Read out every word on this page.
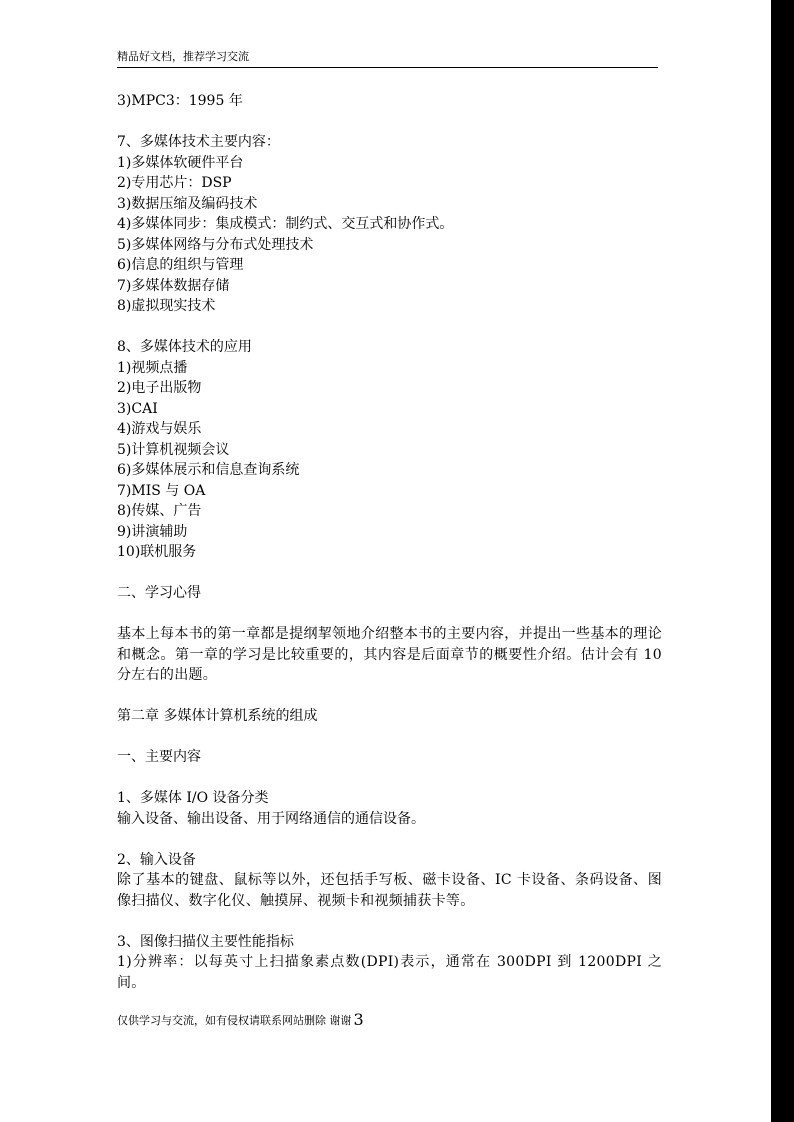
精品好文档，推荐学习交流
3)MPC3：1995 年
7、多媒体技术主要内容：
1)多媒体软硬件平台
2)专用芯片：DSP
3)数据压缩及编码技术
4)多媒体同步：集成模式：制约式、交互式和协作式。
5)多媒体网络与分布式处理技术
6)信息的组织与管理
7)多媒体数据存储
8)虚拟现实技术
8、多媒体技术的应用
1)视频点播
2)电子出版物
3)CAI
4)游戏与娱乐
5)计算机视频会议
6)多媒体展示和信息查询系统
7)MIS 与 OA
8)传媒、广告
9)讲演辅助
10)联机服务
二、学习心得
基本上每本书的第一章都是提纲挈领地介绍整本书的主要内容，并提出一些基本的理论和概念。第一章的学习是比较重要的，其内容是后面章节的概要性介绍。估计会有 10 分左右的出题。
第二章 多媒体计算机系统的组成
一、主要内容
1、多媒体 I/O 设备分类
输入设备、输出设备、用于网络通信的通信设备。
2、输入设备
除了基本的键盘、鼠标等以外，还包括手写板、磁卡设备、IC 卡设备、条码设备、图像扫描仪、数字化仪、触摸屏、视频卡和视频捕获卡等。
3、图像扫描仪主要性能指标
1)分辨率：以每英寸上扫描象素点数(DPI)表示，通常在 300DPI 到 1200DPI 之间。
仅供学习与交流，如有侵权请联系网站删除 谢谢 3
